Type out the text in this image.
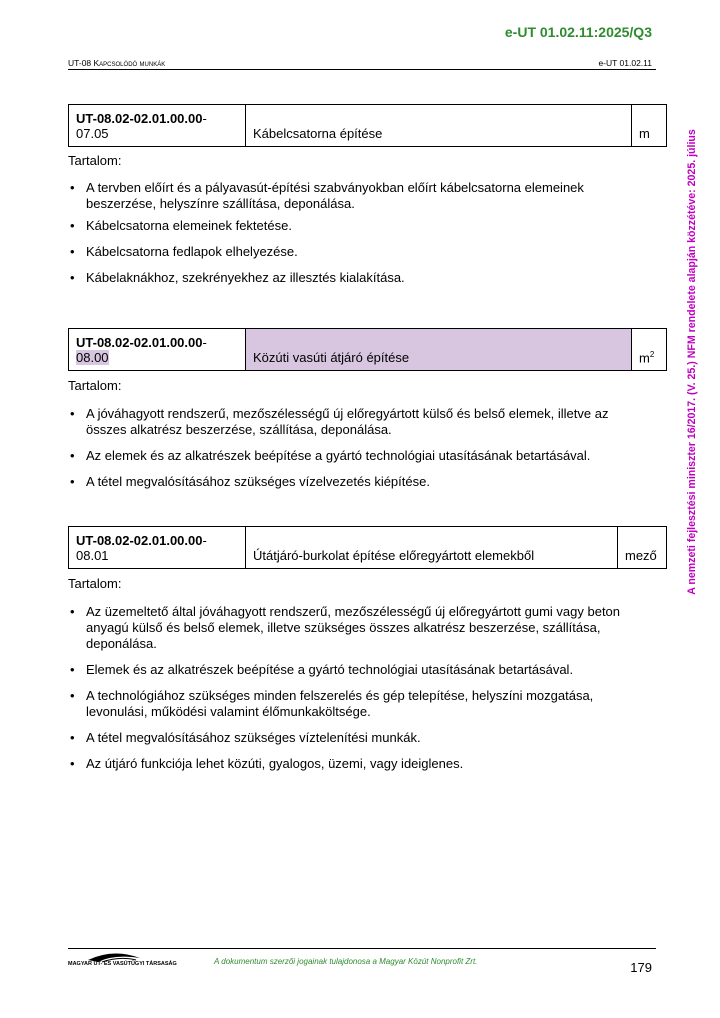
e-UT 01.02.11:2025/Q3
UT-08 Kapcsolódó munkák	e-UT 01.02.11
A nemzeti fejlesztési miniszter 16/2017. (V. 25.) NFM rendelete alapján közzétéve: 2025. július
UT-08.02-02.01.00.00-07.05	Kábelcsatorna építése	m
Tartalom:
• A tervben előírt és a pályavasút-építési szabványokban előírt kábelcsatorna elemeinek beszerzése, helyszínre szállítása, deponálása.
• Kábelcsatorna elemeinek fektetése.
• Kábelcsatorna fedlapok elhelyezése.
• Kábelaknákhoz, szekrényekhez az illesztés kialakítása.
UT-08.02-02.01.00.00-08.00	Közúti vasúti átjáró építése	$m^2$
Tartalom:
• A jóváhagyott rendszerű, mezőszélességű új előregyártott külső és belső elemek, illetve az összes alkatrész beszerzése, szállítása, deponálása.
• Az elemek és az alkatrészek beépítése a gyártó technológiai utasításának betartásával.
• A tétel megvalósításához szükséges vízelvezetés kiépítése.
UT-08.02-02.01.00.00-08.01	Útátjáró-burkolat építése előregyártott elemekből	mező
Tartalom:
• Az üzemeltető által jóváhagyott rendszerű, mezőszélességű új előregyártott gumi vagy beton anyagú külső és belső elemek, illetve szükséges összes alkatrész beszerzése, szállítása, deponálása.
• Elemek és az alkatrészek beépítése a gyártó technológiai utasításának betartásával.
• A technológiához szükséges minden felszerelés és gép telepítése, helyszíni mozgatása, levonulási, működési valamint élőmunkaköltsége.
• A tétel megvalósításához szükséges víztelenítési munkák.
• Az útjáró funkciója lehet közúti, gyalogos, üzemi, vagy ideiglenes.
MAGYAR ÚT- ÉS VASÚTÜGYI TÁRSASÁG	A dokumentum szerzői jogainak tulajdonosa a Magyar Közút Nonprofit Zrt.	179
